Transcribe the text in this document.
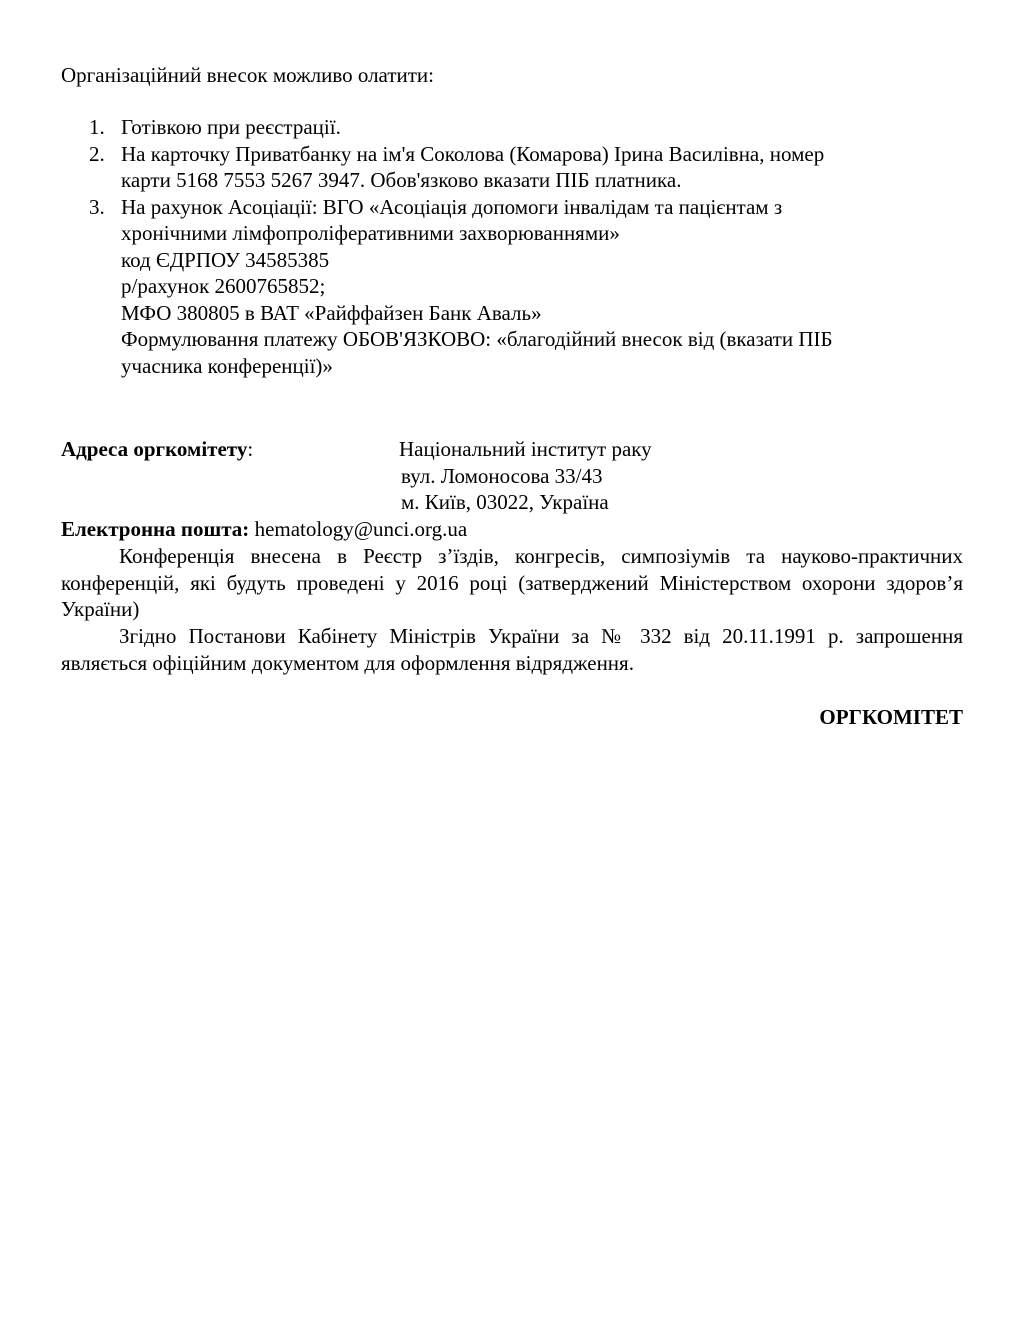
Організаційний внесок можливо олатити:
1. Готівкою при реєстрації.
2. На карточку Приватбанку на ім'я Соколова (Комарова) Ірина Василівна, номер
карти 5168 7553 5267 3947. Обов'язково вказати ПІБ платника.
3. На рахунок Асоціації: ВГО «Асоціація допомоги інвалідам та пацієнтам з
хронічними лімфопроліферативними захворюваннями»
код ЄДРПОУ 34585385
р/рахунок 2600765852;
МФО 380805 в ВАТ «Райффайзен Банк Аваль»
Формулювання платежу ОБОВ'ЯЗКОВО: «благодійний внесок від (вказати ПІБ
учасника конференції)»
Адреса оргкомітету:	Національний інститут раку
вул. Ломоносова 33/43
м. Київ, 03022, Україна
Електронна пошта: hematology@unci.org.ua

Конференція внесена в Реєстр з’їздів, конгресів, симпозіумів та науково-практичних конференцій, які будуть проведені у 2016 році (затверджений Міністерством охорони здоров’я України)

Згідно Постанови Кабінету Міністрів України за № 332 від 20.11.1991 р. запрошення являється офіційним документом для оформлення відрядження.

ОРГКОМІТЕТ
